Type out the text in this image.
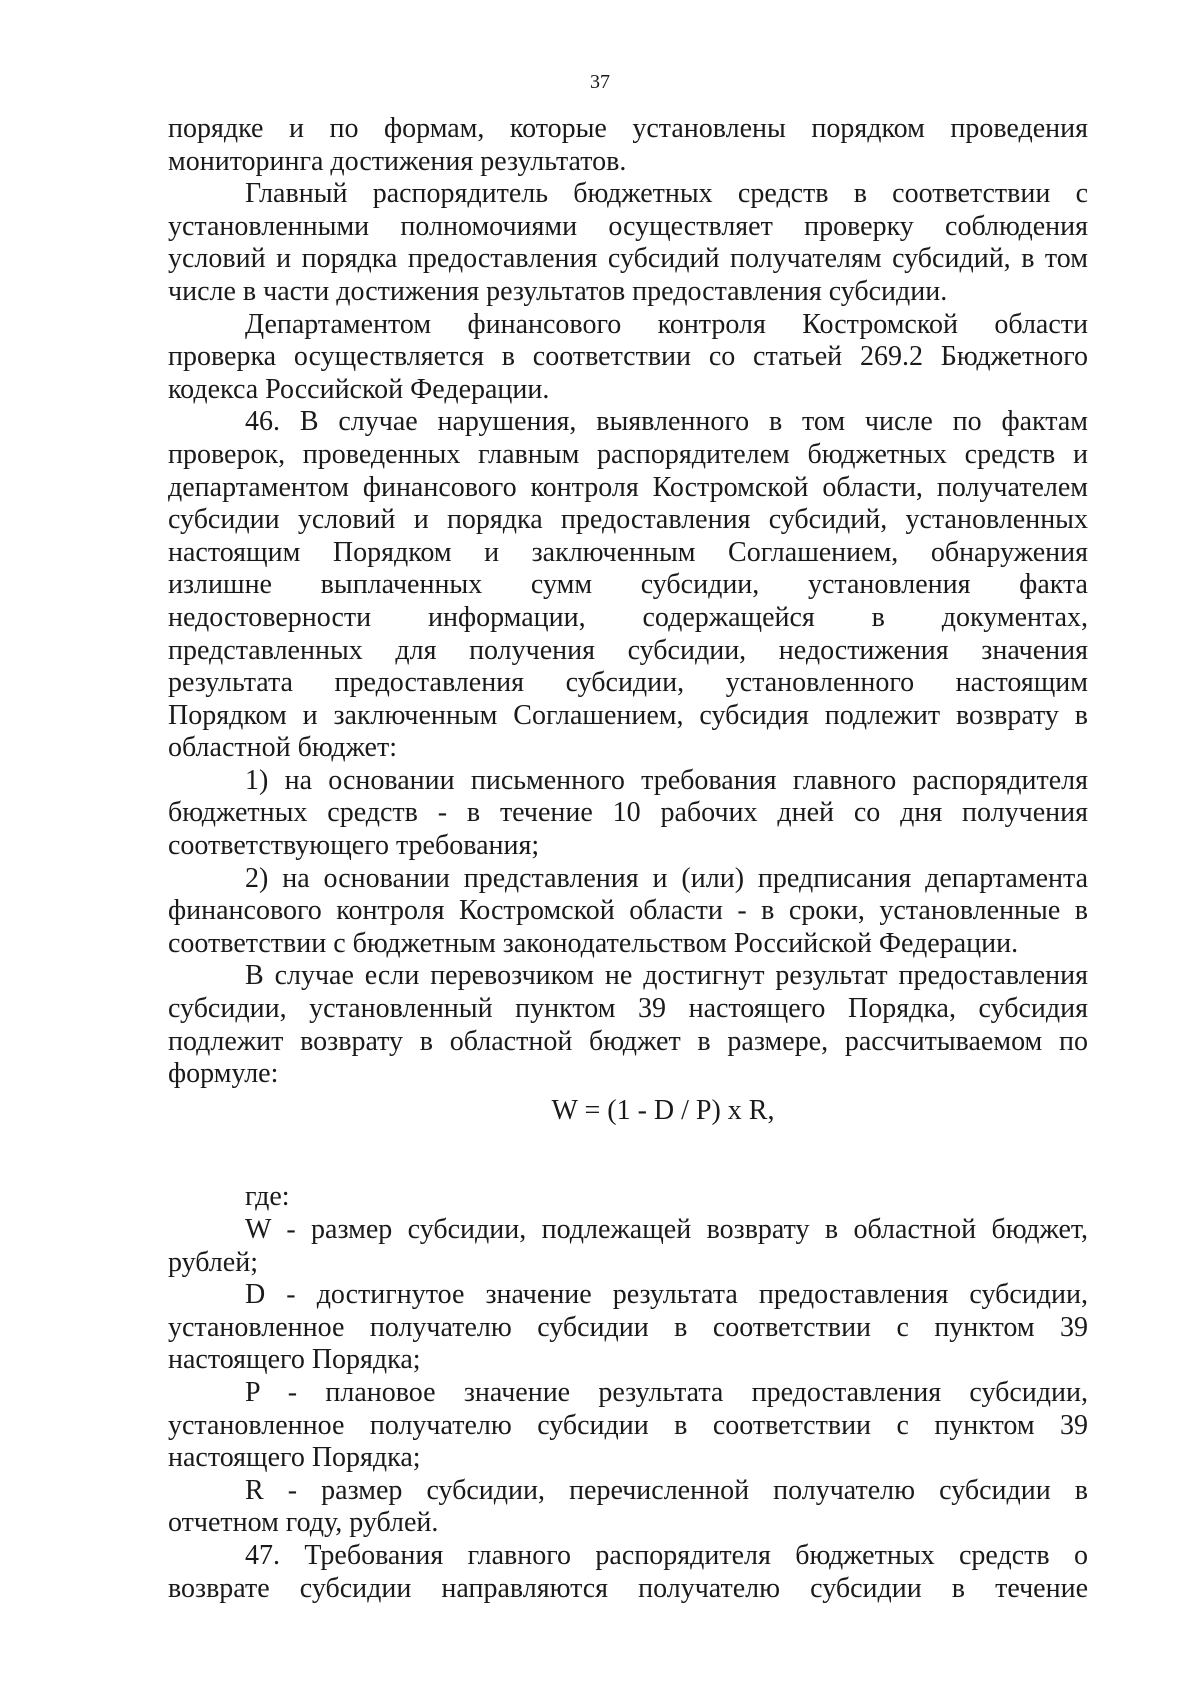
37
порядке и по формам, которые установлены порядком проведения
мониторинга достижения результатов.
Главный распорядитель бюджетных средств в соответствии с
установленными полномочиями осуществляет проверку соблюдения
условий и порядка предоставления субсидий получателям субсидий, в том
числе в части достижения результатов предоставления субсидии.
Департаментом финансового контроля Костромской области
проверка осуществляется в соответствии со статьей 269.2 Бюджетного
кодекса Российской Федерации.
46. В случае нарушения, выявленного в том числе по фактам
проверок, проведенных главным распорядителем бюджетных средств и
департаментом финансового контроля Костромской области, получателем
субсидии условий и порядка предоставления субсидий, установленных
настоящим Порядком и заключенным Соглашением, обнаружения
излишне выплаченных сумм субсидии, установления факта
недостоверности информации, содержащейся в документах,
представленных для получения субсидии, недостижения значения
результата предоставления субсидии, установленного настоящим
Порядком и заключенным Соглашением, субсидия подлежит возврату в
областной бюджет:
1) на основании письменного требования главного распорядителя
бюджетных средств - в течение 10 рабочих дней со дня получения
соответствующего требования;
2) на основании представления и (или) предписания департамента
финансового контроля Костромской области - в сроки, установленные в
соответствии с бюджетным законодательством Российской Федерации.
В случае если перевозчиком не достигнут результат предоставления
субсидии, установленный пунктом 39 настоящего Порядка, субсидия
подлежит возврату в областной бюджет в размере, рассчитываемом по
формуле:
W = (1 - D / P) x R,
где:
W - размер субсидии, подлежащей возврату в областной бюджет,
рублей;
D - достигнутое значение результата предоставления субсидии,
установленное получателю субсидии в соответствии с пунктом 39
настоящего Порядка;
P - плановое значение результата предоставления субсидии,
установленное получателю субсидии в соответствии с пунктом 39
настоящего Порядка;
R - размер субсидии, перечисленной получателю субсидии в
отчетном году, рублей.
47. Требования главного распорядителя бюджетных средств о
возврате субсидии направляются получателю субсидии в течение
